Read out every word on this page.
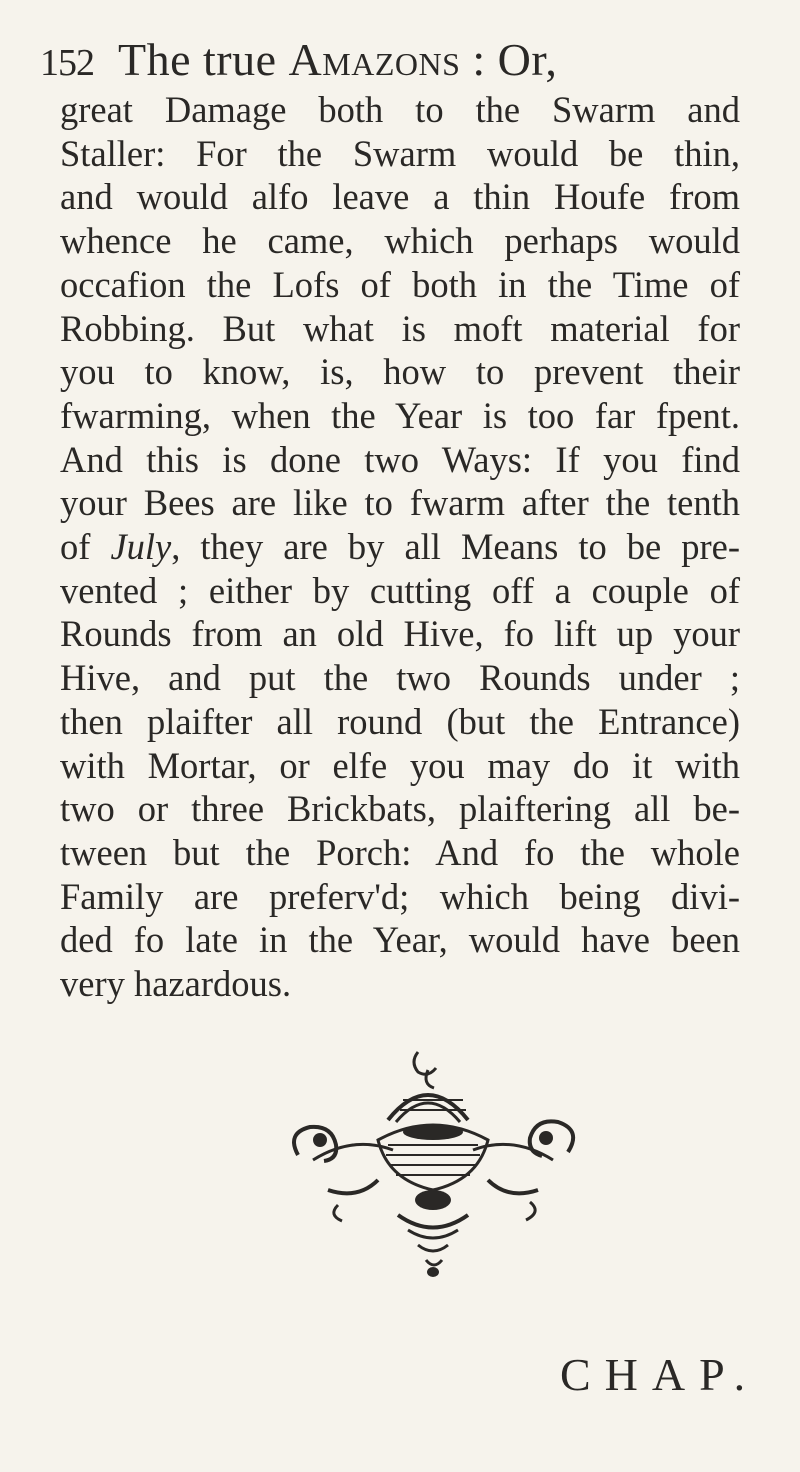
152 The true Amazons : Or,
great Damage both to the Swarm and
Staller: For the Swarm would be thin,
and would alfo leave a thin Houfe from
whence he came, which perhaps would
occafion the Lofs of both in the Time of
Robbing. But what is moft material for
you to know, is, how to prevent their
fwarming, when the Year is too far fpent.
And this is done two Ways: If you find
your Bees are like to fwarm after the tenth
of July, they are by all Means to be pre-
vented ; either by cutting off a couple of
Rounds from an old Hive, fo lift up your
Hive, and put the two Rounds under ;
then plaifter all round (but the Entrance)
with Mortar, or elfe you may do it with
two or three Brickbats, plaiftering all be-
tween but the Porch: And fo the whole
Family are preferv'd; which being divi-
ded fo late in the Year, would have been
very hazardous.
CHAP.
